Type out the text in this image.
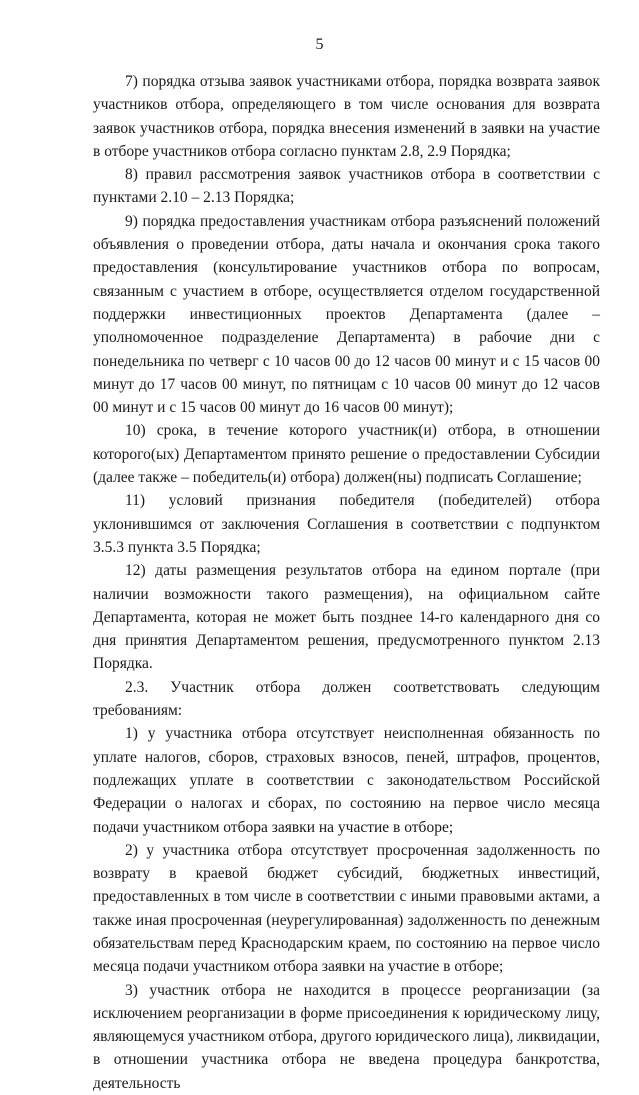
5

7) порядка отзыва заявок участниками отбора, порядка возврата заявок участников отбора, определяющего в том числе основания для возврата заявок участников отбора, порядка внесения изменений в заявки на участие в отборе участников отбора согласно пунктам 2.8, 2.9 Порядка;

8) правил рассмотрения заявок участников отбора в соответствии с пунктами 2.10 – 2.13 Порядка;

9) порядка предоставления участникам отбора разъяснений положений объявления о проведении отбора, даты начала и окончания срока такого предоставления (консультирование участников отбора по вопросам, связанным с участием в отборе, осуществляется отделом государственной поддержки инвестиционных проектов Департамента (далее – уполномоченное подразделение Департамента) в рабочие дни с понедельника по четверг с 10 часов 00 до 12 часов 00 минут и с 15 часов 00 минут до 17 часов 00 минут, по пятницам с 10 часов 00 минут до 12 часов 00 минут и с 15 часов 00 минут до 16 часов 00 минут);

10) срока, в течение которого участник(и) отбора, в отношении которого(ых) Департаментом принято решение о предоставлении Субсидии (далее также – победитель(и) отбора) должен(ны) подписать Соглашение;

11) условий признания победителя (победителей) отбора уклонившимся от заключения Соглашения в соответствии с подпунктом 3.5.3 пункта 3.5 Порядка;

12) даты размещения результатов отбора на едином портале (при наличии возможности такого размещения), на официальном сайте Департамента, которая не может быть позднее 14-го календарного дня со дня принятия Департаментом решения, предусмотренного пунктом 2.13 Порядка.

2.3. Участник отбора должен соответствовать следующим требованиям:

1) у участника отбора отсутствует неисполненная обязанность по уплате налогов, сборов, страховых взносов, пеней, штрафов, процентов, подлежащих уплате в соответствии с законодательством Российской Федерации о налогах и сборах, по состоянию на первое число месяца подачи участником отбора заявки на участие в отборе;

2) у участника отбора отсутствует просроченная задолженность по возврату в краевой бюджет субсидий, бюджетных инвестиций, предоставленных в том числе в соответствии с иными правовыми актами, а также иная просроченная (неурегулированная) задолженность по денежным обязательствам перед Краснодарским краем, по состоянию на первое число месяца подачи участником отбора заявки на участие в отборе;

3) участник отбора не находится в процессе реорганизации (за исключением реорганизации в форме присоединения к юридическому лицу, являющемуся участником отбора, другого юридического лица), ликвидации, в отношении участника отбора не введена процедура банкротства, деятельность
